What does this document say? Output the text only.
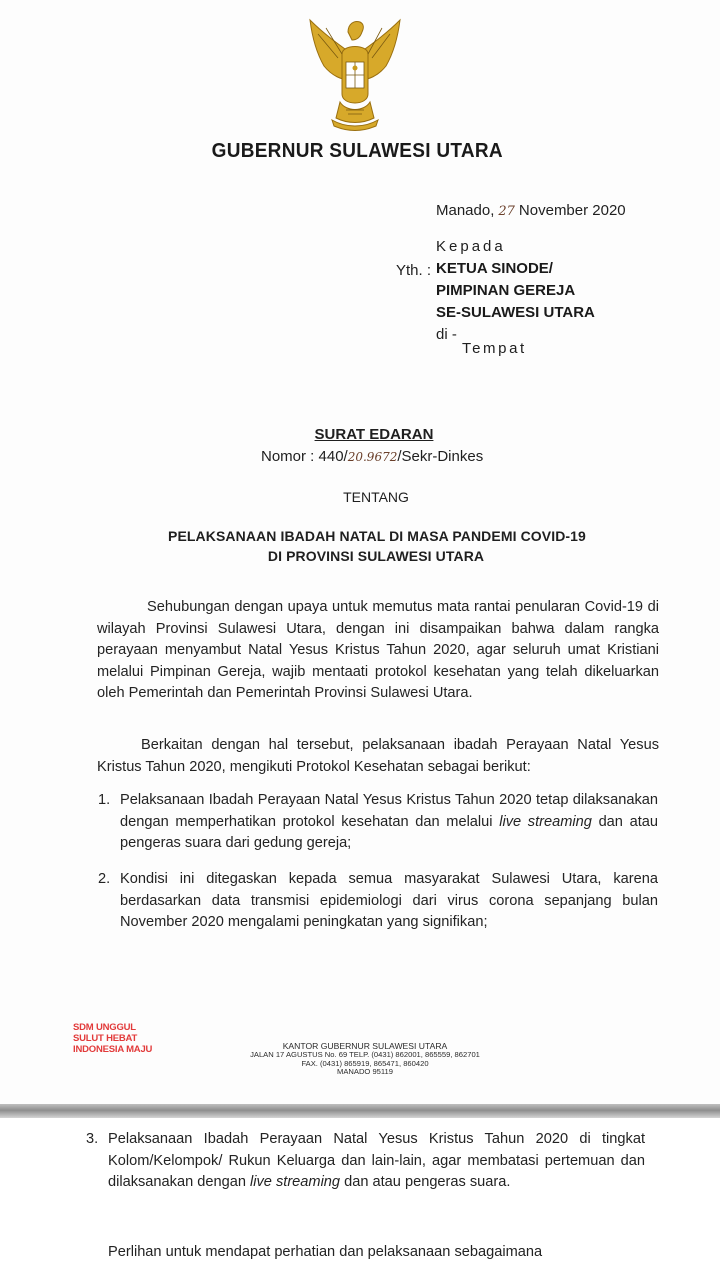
GUBERNUR SULAWESI UTARA
Manado, 27 November 2020
Kepada
Yth. : KETUA SINODE/
PIMPINAN GEREJA
SE-SULAWESI UTARA
di -
Tempat
SURAT EDARAN
Nomor : 440/20.9672/Sekr-Dinkes
TENTANG
PELAKSANAAN IBADAH NATAL DI MASA PANDEMI COVID-19
DI PROVINSI SULAWESI UTARA
Sehubungan dengan upaya untuk memutus mata rantai penularan Covid-19 di wilayah Provinsi Sulawesi Utara, dengan ini disampaikan bahwa dalam rangka perayaan menyambut Natal Yesus Kristus Tahun 2020, agar seluruh umat Kristiani melalui Pimpinan Gereja, wajib mentaati protokol kesehatan yang telah dikeluarkan oleh Pemerintah dan Pemerintah Provinsi Sulawesi Utara.
Berkaitan dengan hal tersebut, pelaksanaan ibadah Perayaan Natal Yesus Kristus Tahun 2020, mengikuti Protokol Kesehatan sebagai berikut:
1. Pelaksanaan Ibadah Perayaan Natal Yesus Kristus Tahun 2020 tetap dilaksanakan dengan memperhatikan protokol kesehatan dan melalui live streaming dan atau pengeras suara dari gedung gereja;
2. Kondisi ini ditegaskan kepada semua masyarakat Sulawesi Utara, karena berdasarkan data transmisi epidemiologi dari virus corona sepanjang bulan November 2020 mengalami peningkatan yang signifikan;
SDM UNGGUL
SULUT HEBAT
INDONESIA MAJU	KANTOR GUBERNUR SULAWESI UTARA
JALAN 17 AGUSTUS No. 69 TELP. (0431) 862001, 865559, 862701
FAX. (0431) 865919, 865471, 860420
MANADO 95119
3. Pelaksanaan Ibadah Perayaan Natal Yesus Kristus Tahun 2020 di tingkat Kolom/Kelompok/ Rukun Keluarga dan lain-lain, agar membatasi pertemuan dan dilaksanakan dengan live streaming dan atau pengeras suara.
Perlihan untuk mendapat perhatian dan pelaksanaan sebagaimana
